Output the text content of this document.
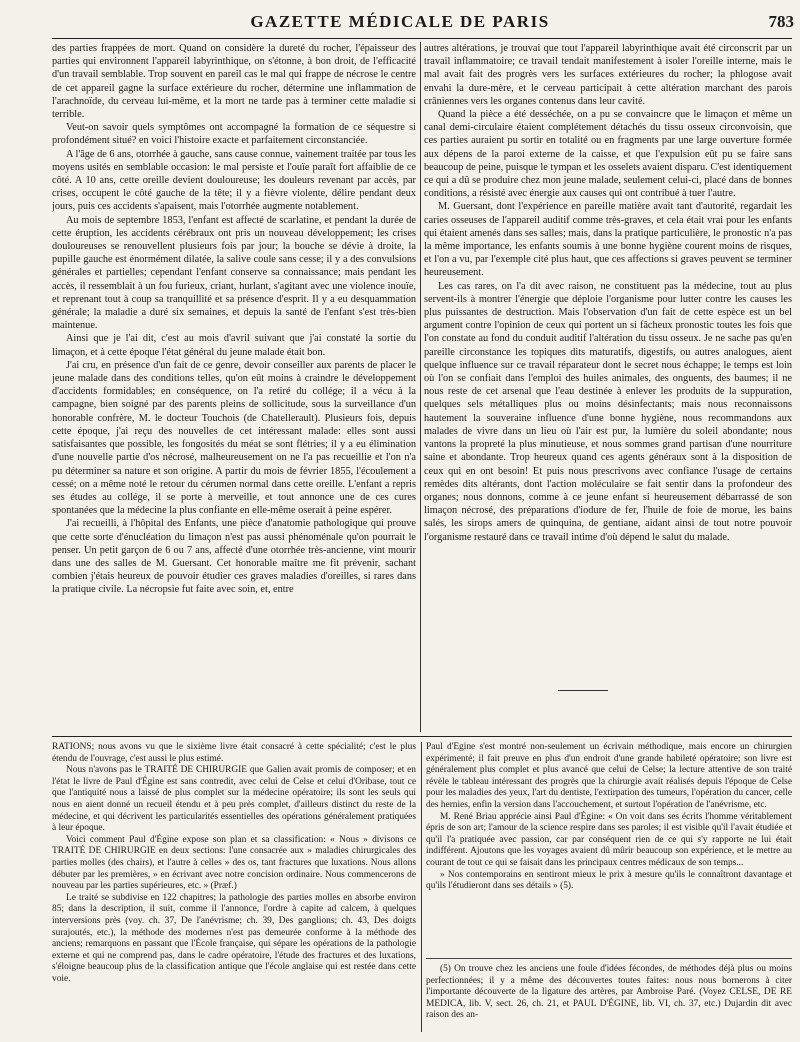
GAZETTE MÉDICALE DE PARIS	783

des parties frappées de mort. Quand on considère la dureté du rocher, l'épaisseur des parties qui environnent l'appareil labyrinthique, on s'étonne, à bon droit, de l'efficacité d'un travail semblable. Trop souvent en pareil cas le mal qui frappe de nécrose le centre de cet appareil gagne la surface extérieure du rocher, détermine une inflammation de l'arachnoïde, du cerveau lui-même, et la mort ne tarde pas à terminer cette maladie si terrible.

Veut-on savoir quels symptômes ont accompagné la formation de ce séquestre si profondément situé? en voici l'histoire exacte et parfaitement circonstanciée.

A l'âge de 6 ans, otorrhée à gauche, sans cause connue, vainement traitée par tous les moyens usités en semblable occasion: le mal persiste et l'ouïe paraît fort affaiblie de ce côté. A 10 ans, cette oreille devient douloureuse; les douleurs revenant par accès, par crises, occupent le côté gauche de la tête; il y a fièvre violente, délire pendant deux jours, puis ces accidents s'apaisent, mais l'otorrhée augmente notablement.

Au mois de septembre 1853, l'enfant est affecté de scarlatine, et pendant la durée de cette éruption, les accidents cérébraux ont pris un nouveau développement; les crises douloureuses se renouvellent plusieurs fois par jour; la bouche se dévie à droite, la pupille gauche est énormément dilatée, la salive coule sans cesse; il y a des convulsions générales et partielles; cependant l'enfant conserve sa connaissance; mais pendant les accès, il ressemblait à un fou furieux, criant, hurlant, s'agitant avec une violence inouïe, et reprenant tout à coup sa tranquillité et sa présence d'esprit. Il y a eu desquammation générale; la maladie a duré six semaines, et depuis la santé de l'enfant s'est très-bien maintenue.

Ainsi que je l'ai dit, c'est au mois d'avril suivant que j'ai constaté la sortie du limaçon, et à cette époque l'état général du jeune malade était bon.

J'ai cru, en présence d'un fait de ce genre, devoir conseiller aux parents de placer le jeune malade dans des conditions telles, qu'on eût moins à craindre le développement d'accidents formidables; en conséquence, on l'a retiré du collége; il a vécu à la campagne, bien soigné par des parents pleins de sollicitude, sous la surveillance d'un honorable confrère, M. le docteur Touchois (de Chatellerault). Plusieurs fois, depuis cette époque, j'ai reçu des nouvelles de cet intéressant malade: elles sont aussi satisfaisantes que possible, les fongosités du méat se sont flétries; il y a eu élimination d'une nouvelle partie d'os nécrosé, malheureusement on ne l'a pas recueillie et l'on n'a pu déterminer sa nature et son origine. A partir du mois de février 1855, l'écoulement a cessé; on a même noté le retour du cérumen normal dans cette oreille. L'enfant a repris ses études au collége, il se porte à merveille, et tout annonce une de ces cures spontanées que la médecine la plus confiante en elle-même oserait à peine espérer.

J'ai recueilli, à l'hôpital des Enfants, une pièce d'anatomie pathologique qui prouve que cette sorte d'énucléation du limaçon n'est pas aussi phénoménale qu'on pourrait le penser. Un petit garçon de 6 ou 7 ans, affecté d'une otorrhée très-ancienne, vint mourir dans une des salles de M. Guersant. Cet honorable maître me fit prévenir, sachant combien j'étais heureux de pouvoir étudier ces graves maladies d'oreilles, si rares dans la pratique civile. La nécropsie fut faite avec soin, et, entre

autres altérations, je trouvai que tout l'appareil labyrinthique avait été circonscrit par un travail inflammatoire; ce travail tendait manifestement à isoler l'oreille interne, mais le mal avait fait des progrès vers les surfaces extérieures du rocher; la phlogose avait envahi la dure-mère, et le cerveau participait à cette altération marchant des parois crâniennes vers les organes contenus dans leur cavité.

Quand la pièce a été desséchée, on a pu se convaincre que le limaçon et même un canal demi-circulaire étaient complétement détachés du tissu osseux circonvoisin, que ces parties auraient pu sortir en totalité ou en fragments par une large ouverture formée aux dépens de la paroi externe de la caisse, et que l'expulsion eût pu se faire sans beaucoup de peine, puisque le tympan et les osselets avaient disparu. C'est identiquement ce qui a dû se produire chez mon jeune malade, seulement celui-ci, placé dans de bonnes conditions, a résisté avec énergie aux causes qui ont contribué à tuer l'autre.

M. Guersant, dont l'expérience en pareille matière avait tant d'autorité, regardait les caries osseuses de l'appareil auditif comme très-graves, et cela était vrai pour les enfants qui étaient amenés dans ses salles; mais, dans la pratique particulière, le pronostic n'a pas la même importance, les enfants soumis à une bonne hygiène courent moins de risques, et l'on a vu, par l'exemple cité plus haut, que ces affections si graves peuvent se terminer heureusement.

Les cas rares, on l'a dit avec raison, ne constituent pas la médecine, tout au plus servent-ils à montrer l'énergie que déploie l'organisme pour lutter contre les causes les plus puissantes de destruction. Mais l'observation d'un fait de cette espèce est un bel argument contre l'opinion de ceux qui portent un si fâcheux pronostic toutes les fois que l'on constate au fond du conduit auditif l'altération du tissu osseux. Je ne sache pas qu'en pareille circonstance les topiques dits maturatifs, digestifs, ou autres analogues, aient quelque influence sur ce travail réparateur dont le secret nous échappe; le temps est loin où l'on se confiait dans l'emploi des huiles animales, des onguents, des baumes; il ne nous reste de cet arsenal que l'eau destinée à enlever les produits de la suppuration, quelques sels métalliques plus ou moins désinfectants; mais nous reconnaissons hautement la souveraine influence d'une bonne hygiène, nous recommandons aux malades de vivre dans un lieu où l'air est pur, la lumière du soleil abondante; nous vantons la propreté la plus minutieuse, et nous sommes grand partisan d'une nourriture saine et abondante. Trop heureux quand ces agents généraux sont à la disposition de ceux qui en ont besoin! Et puis nous prescrivons avec confiance l'usage de certains remèdes dits altérants, dont l'action moléculaire se fait sentir dans la profondeur des organes; nous donnons, comme à ce jeune enfant si heureusement débarrassé de son limaçon nécrosé, des préparations d'iodure de fer, l'huile de foie de morue, les bains salés, les sirops amers de quinquina, de gentiane, aidant ainsi de tout notre pouvoir l'organisme restauré dans ce travail intime d'où dépend le salut du malade.

RATIONS; nous avons vu que le sixième livre était consacré à cette spécialité; c'est le plus étendu de l'ouvrage, c'est aussi le plus estimé.

Nous n'avons pas le TRAITÉ DE CHIRURGIE que Galien avait promis de composer; et en l'état le livre de Paul d'Égine est sans contredit, avec celui de Celse et celui d'Oribase, tout ce que l'antiquité nous a laissé de plus complet sur la médecine opératoire; ils sont les seuls qui nous en aient donné un recueil étendu et à peu près complet, d'ailleurs distinct du reste de la médecine, et qui décrivent les particularités essentielles des opérations généralement pratiquées à leur époque.

Voici comment Paul d'Égine expose son plan et sa classification: « Nous » divisons ce TRAITÉ DE CHIRURGIE en deux sections: l'une consacrée aux » maladies chirurgicales des parties molles (des chairs), et l'autre à celles » des os, tant fractures que luxations. Nous allons débuter par les premières, » en écrivant avec notre concision ordinaire. Nous commencerons de nouveau par les parties supérieures, etc. » (Præf.)

Le traité se subdivise en 122 chapitres; la pathologie des parties molles en absorbe environ 85; dans la description, il suit, comme il l'annonce, l'ordre à capite ad calcem, à quelques interversions près (voy. ch. 37, De l'anévrisme; ch. 39, Des ganglions; ch. 43, Des doigts surajoutés, etc.), la méthode des modernes n'est pas demeurée conforme à la méthode des anciens; remarquons en passant que l'École française, qui sépare les opérations de la pathologie externe et qui ne comprend pas, dans le cadre opératoire, l'étude des fractures et des luxations, s'éloigne beaucoup plus de la classification antique que l'école anglaise qui est restée dans cette voie.

Paul d'Égine s'est montré non-seulement un écrivain méthodique, mais encore un chirurgien expérimenté; il fait preuve en plus d'un endroit d'une grande habileté opératoire; son livre est généralement plus complet et plus avancé que celui de Celse; la lecture attentive de son traité révèle le tableau intéressant des progrès que la chirurgie avait réalisés depuis l'époque de Celse pour les maladies des yeux, l'art du dentiste, l'extirpation des tumeurs, l'opération du cancer, celle des hernies, enfin la version dans l'accouchement, et surtout l'opération de l'anévrisme, etc.

M. René Briau apprécie ainsi Paul d'Égine: « On voit dans ses écrits l'homme véritablement épris de son art; l'amour de la science respire dans ses paroles; il est visible qu'il l'avait étudiée et qu'il l'a pratiquée avec passion, car par conséquent rien de ce qui s'y rapporte ne lui était indifférent. Ajoutons que les voyages avaient dû mûrir beaucoup son expérience, et le mettre au courant de tout ce qui se faisait dans les principaux centres médicaux de son temps...

» Nos contemporains en sentiront mieux le prix à mesure qu'ils le connaîtront davantage et qu'ils l'étudieront dans ses détails » (5).

(5) On trouve chez les anciens une foule d'idées fécondes, de méthodes déjà plus ou moins perfectionnées; il y a même des découvertes toutes faites: nous nous bornerons à citer l'importante découverte de la ligature des artères, par Ambroise Paré. (Voyez CELSE, DE RE MEDICA, lib. V, sect. 26, ch. 21, et PAUL D'ÉGINE, lib. VI, ch. 37, etc.) Dujardin dit avec raison des an-
